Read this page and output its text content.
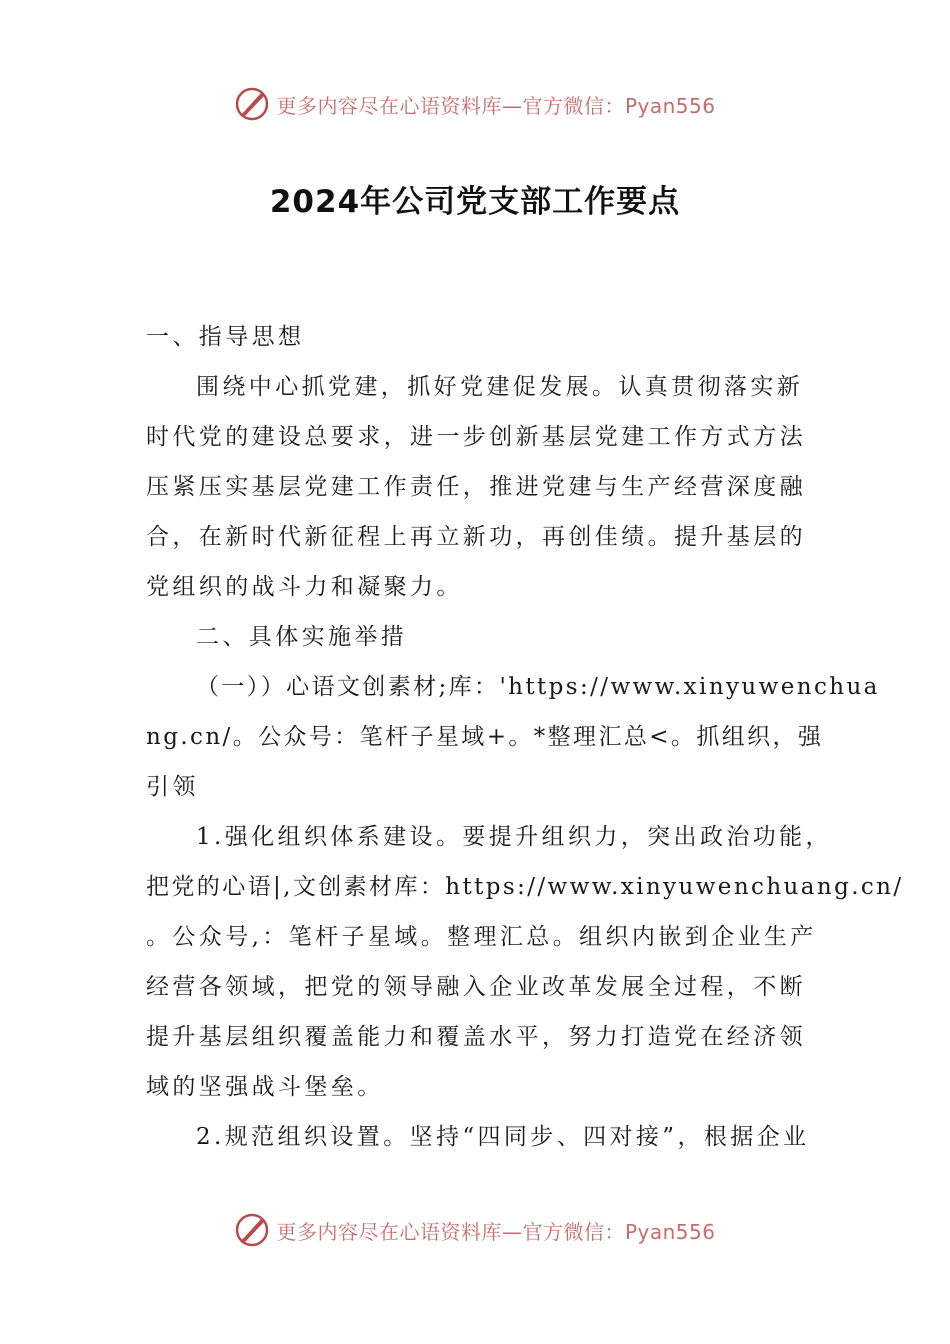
更多内容尽在心语资料库—官方微信：Pyan556
2024年公司党支部工作要点
一、指导思想
围绕中心抓党建，抓好党建促发展。认真贯彻落实新
时代党的建设总要求，进一步创新基层党建工作方式方法
压紧压实基层党建工作责任，推进党建与生产经营深度融
合，在新时代新征程上再立新功，再创佳绩。提升基层的
党组织的战斗力和凝聚力。
二、具体实施举措
（一））心语文创素材;库：'https://www.xinyuwenchua
ng.cn/。公众号：笔杆子星域+。*整理汇总<。抓组织，强
引领
1.强化组织体系建设。要提升组织力，突出政治功能，
把党的心语|,文创素材库：https://www.xinyuwenchuang.cn/
。公众号,：笔杆子星域。整理汇总。组织内嵌到企业生产
经营各领域，把党的领导融入企业改革发展全过程，不断
提升基层组织覆盖能力和覆盖水平，努力打造党在经济领
域的坚强战斗堡垒。
2.规范组织设置。坚持“四同步、四对接”，根据企业
更多内容尽在心语资料库—官方微信：Pyan556
